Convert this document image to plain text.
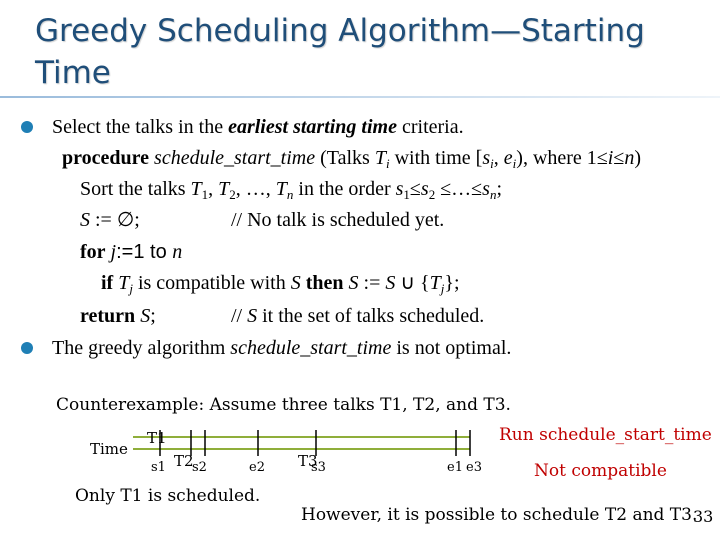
Greedy Scheduling Algorithm—Starting Time
Select the talks in the earliest starting time criteria.
procedure schedule_start_time (Talks $T_i$ with time [$s_i$, $e_i$), where 1≤i≤n)
Sort the talks $T_1$, $T_2$, …, $T_n$ in the order $s_1\le s_2$ $\le\dots\le s_n$;
S := ∅;	// No talk is scheduled yet.
for j:=1 to n
if $T_j$ is compatible with S then S := S ∪ $\{T_j\}$;
return S;	// S it the set of talks scheduled.
The greedy algorithm schedule_start_time is not optimal.
Counterexample: Assume three talks T1, T2, and T3.
Time
T1
s1 T2
s2	e2 T3
s3	e1 e3
Run schedule_start_time
Not compatible
Only T1 is scheduled.
However, it is possible to schedule T2 and T3.
33
